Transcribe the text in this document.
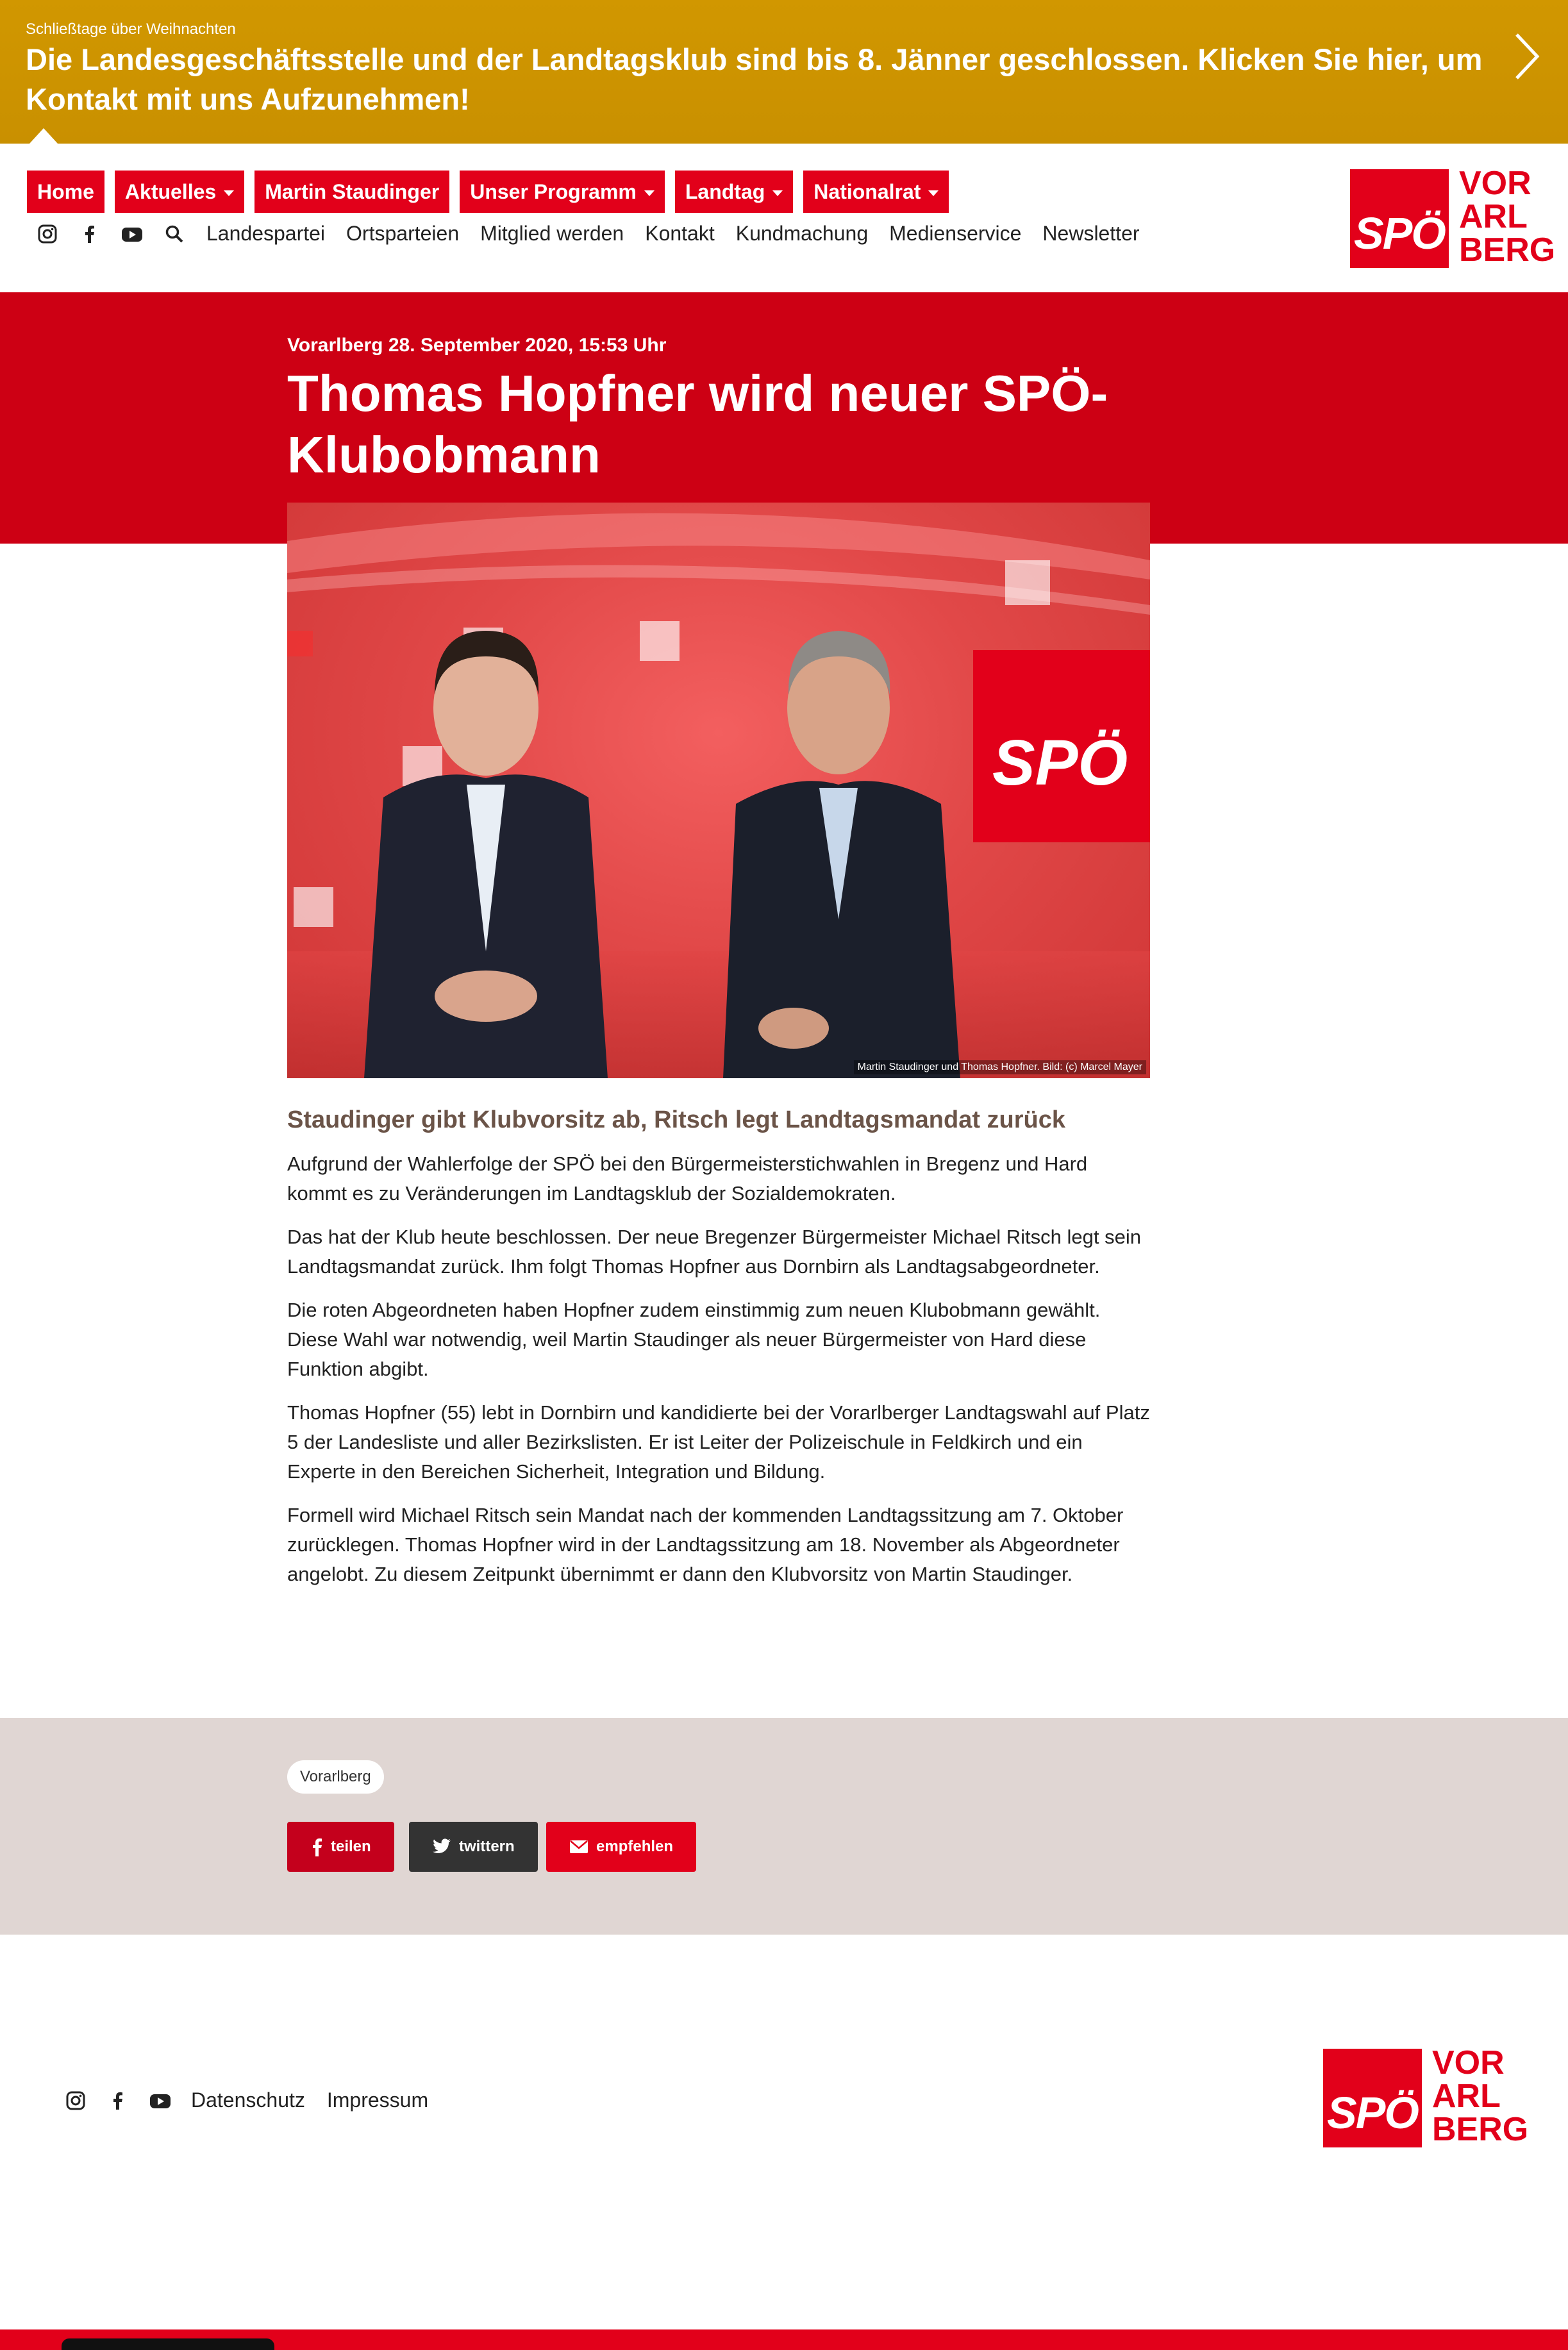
Schließtage über Weihnachten
Die Landesgeschäftsstelle und der Landtagsklub sind bis 8. Jänner geschlossen. Klicken Sie hier, um Kontakt mit uns Aufzunehmen!
Home Aktuelles Martin Staudinger Unser Programm Landtag Nationalrat
Landespartei Ortsparteien Mitglied werden Kontakt Kundmachung Medienservice Newsletter	SPÖ
VOR
ARL
BERG
Vorarlberg 28. September 2020, 15:53 Uhr
Thomas Hopfner wird neuer SPÖ-Klubobmann
SPÖ
Martin Staudinger und Thomas Hopfner. Bild: (c) Marcel Mayer
Staudinger gibt Klubvorsitz ab, Ritsch legt Landtagsmandat zurück

Aufgrund der Wahlerfolge der SPÖ bei den Bürgermeisterstichwahlen in Bregenz und Hard kommt es zu Veränderungen im Landtagsklub der Sozialdemokraten.

Das hat der Klub heute beschlossen. Der neue Bregenzer Bürgermeister Michael Ritsch legt sein Landtagsmandat zurück. Ihm folgt Thomas Hopfner aus Dornbirn als Landtagsabgeordneter.

Die roten Abgeordneten haben Hopfner zudem einstimmig zum neuen Klubobmann gewählt. Diese Wahl war notwendig, weil Martin Staudinger als neuer Bürgermeister von Hard diese Funktion abgibt.

Thomas Hopfner (55) lebt in Dornbirn und kandidierte bei der Vorarlberger Landtagswahl auf Platz 5 der Landesliste und aller Bezirkslisten. Er ist Leiter der Polizeischule in Feldkirch und ein Experte in den Bereichen Sicherheit, Integration und Bildung.

Formell wird Michael Ritsch sein Mandat nach der kommenden Landtagssitzung am 7. Oktober zurücklegen. Thomas Hopfner wird in der Landtagssitzung am 18. November als Abgeordneter angelobt. Zu diesem Zeitpunkt übernimmt er dann den Klubvorsitz von Martin Staudinger.

Vorarlberg
teilen	twittern	empfehlen
Datenschutz Impressum	SPÖ
VOR
ARL
BERG
